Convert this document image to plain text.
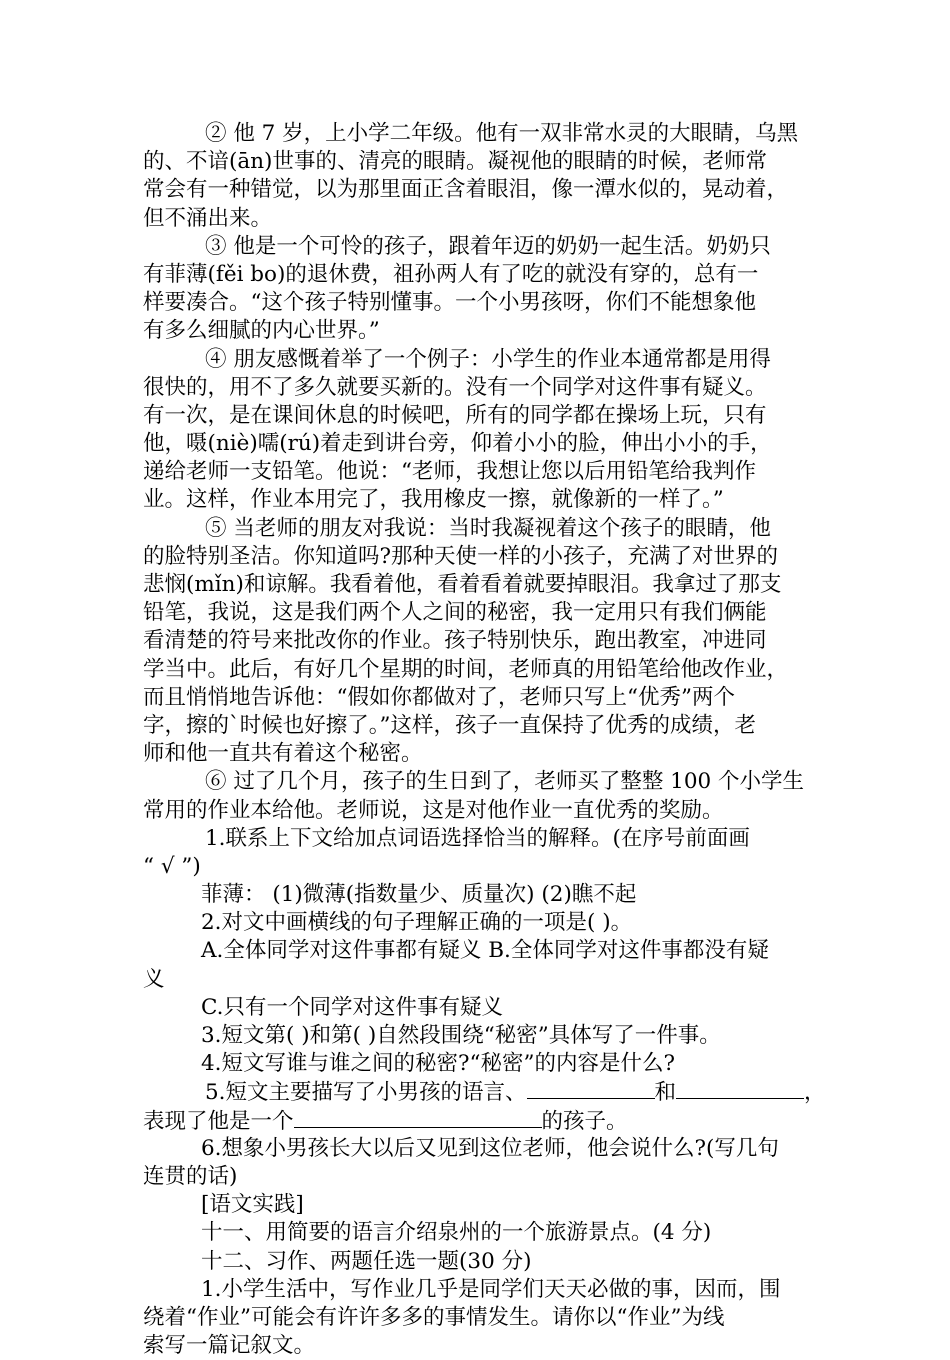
② 他 7 岁，上小学二年级。他有一双非常水灵的大眼睛，乌黑
的、不谙(ān)世事的、清亮的眼睛。凝视他的眼睛的时候，老师常
常会有一种错觉，以为那里面正含着眼泪，像一潭水似的，晃动着，
但不涌出来。
③ 他是一个可怜的孩子，跟着年迈的奶奶一起生活。奶奶只
有菲薄(fěi bo)的退休费，祖孙两人有了吃的就没有穿的，总有一
样要凑合。“这个孩子特别懂事。一个小男孩呀，你们不能想象他
有多么细腻的内心世界。”
④ 朋友感慨着举了一个例子：小学生的作业本通常都是用得
很快的，用不了多久就要买新的。没有一个同学对这件事有疑义。
有一次，是在课间休息的时候吧，所有的同学都在操场上玩，只有
他，嗫(niè)嚅(rú)着走到讲台旁，仰着小小的脸，伸出小小的手，
递给老师一支铅笔。他说：“老师，我想让您以后用铅笔给我判作
业。这样，作业本用完了，我用橡皮一擦，就像新的一样了。”
⑤ 当老师的朋友对我说：当时我凝视着这个孩子的眼睛，他
的脸特别圣洁。你知道吗?那种天使一样的小孩子，充满了对世界的
悲悯(mǐn)和谅解。我看着他，看着看着就要掉眼泪。我拿过了那支
铅笔，我说，这是我们两个人之间的秘密，我一定用只有我们俩能
看清楚的符号来批改你的作业。孩子特别快乐，跑出教室，冲进同
学当中。此后，有好几个星期的时间，老师真的用铅笔给他改作业，
而且悄悄地告诉他：“假如你都做对了，老师只写上“优秀”两个
字，擦的`时候也好擦了。”这样，孩子一直保持了优秀的成绩，老
师和他一直共有着这个秘密。
⑥ 过了几个月，孩子的生日到了，老师买了整整 100 个小学生
常用的作业本给他。老师说，这是对他作业一直优秀的奖励。
1.联系上下文给加点词语选择恰当的解释。(在序号前面画
“ √ ”)
菲薄： (1)微薄(指数量少、质量次) (2)瞧不起
2.对文中画横线的句子理解正确的一项是( )。
A.全体同学对这件事都有疑义 B.全体同学对这件事都没有疑
义
C.只有一个同学对这件事有疑义
3.短文第( )和第( )自然段围绕“秘密”具体写了一件事。
4.短文写谁与谁之间的秘密?“秘密”的内容是什么?
5.短文主要描写了小男孩的语言、	和	，
表现了他是一个	的孩子。
6.想象小男孩长大以后又见到这位老师，他会说什么?(写几句
连贯的话)
[语文实践]
十一、用简要的语言介绍泉州的一个旅游景点。(4 分)
十二、习作、两题任选一题(30 分)
1.小学生活中，写作业几乎是同学们天天必做的事，因而，围
绕着“作业”可能会有许许多多的事情发生。请你以“作业”为线
索写一篇记叙文。
